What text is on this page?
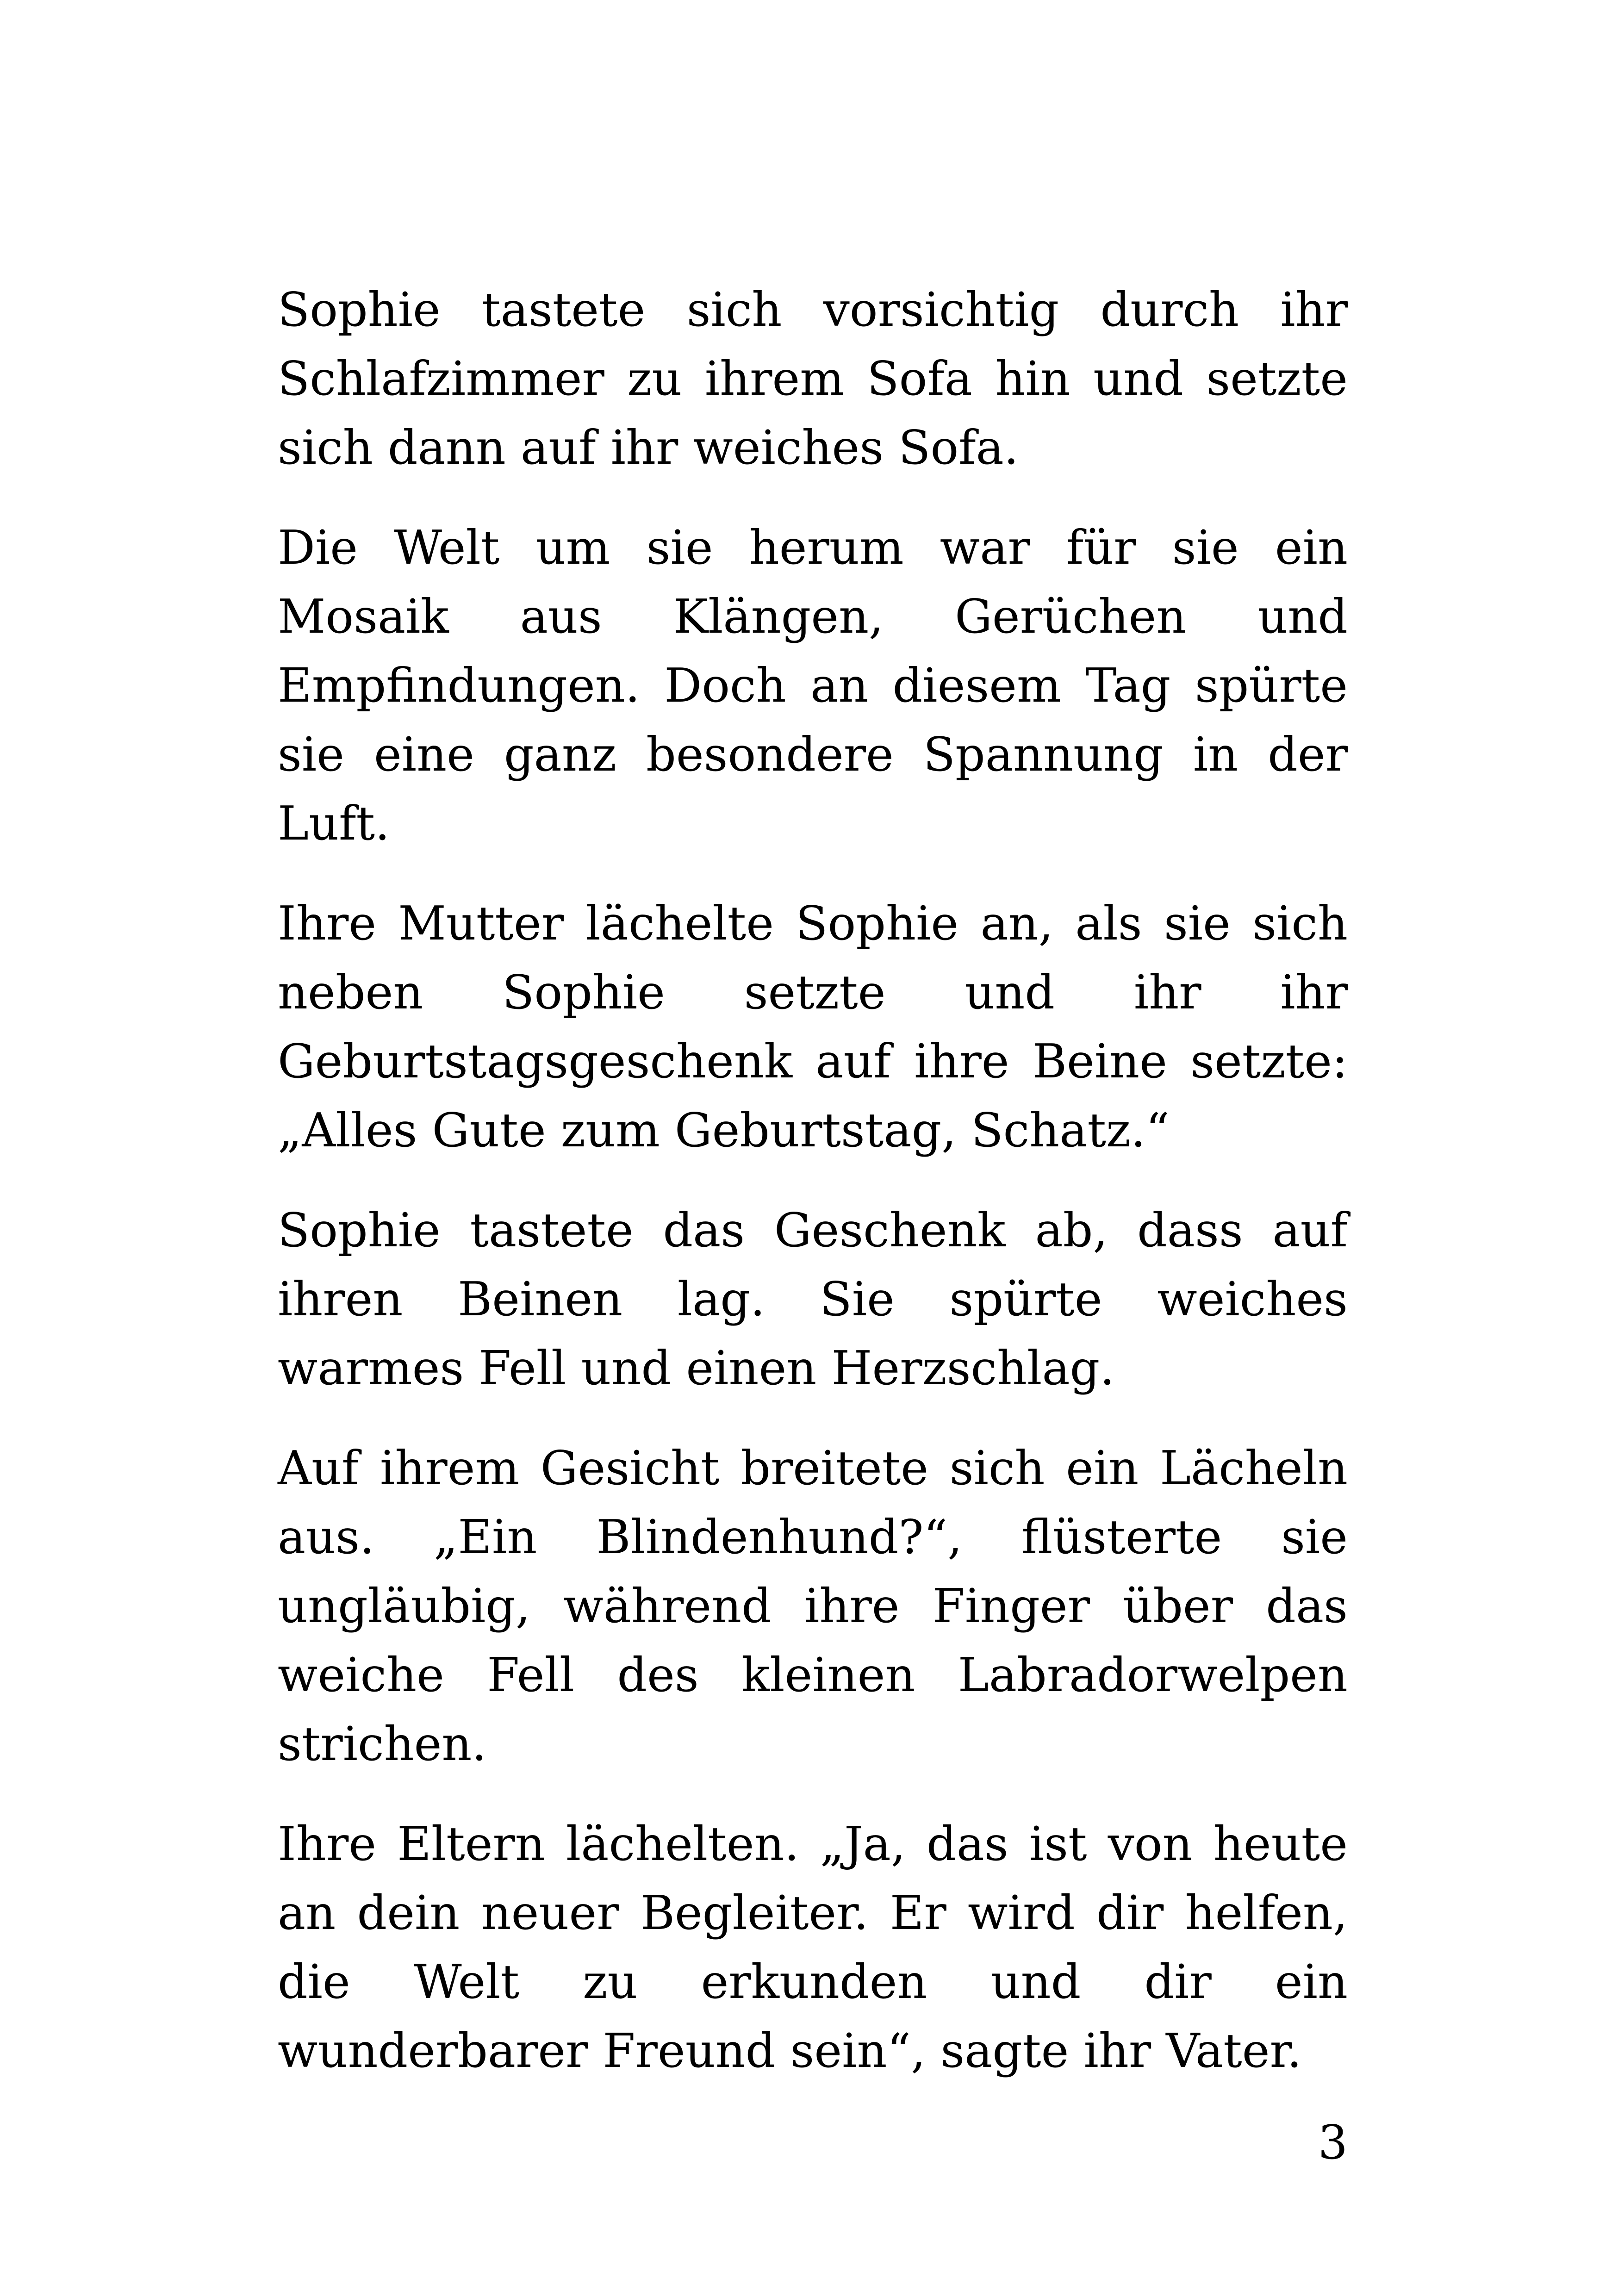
Sophie tastete sich vorsichtig durch ihr Schlafzimmer zu ihrem Sofa hin und setzte sich dann auf ihr weiches Sofa.

Die Welt um sie herum war für sie ein Mosaik aus Klängen, Gerüchen und Empfindungen. Doch an diesem Tag spürte sie eine ganz besondere Spannung in der Luft.

Ihre Mutter lächelte Sophie an, als sie sich neben Sophie setzte und ihr ihr Geburtstagsgeschenk auf ihre Beine setzte: „Alles Gute zum Geburtstag, Schatz.“

Sophie tastete das Geschenk ab, dass auf ihren Beinen lag. Sie spürte weiches warmes Fell und einen Herzschlag.

Auf ihrem Gesicht breitete sich ein Lächeln aus. „Ein Blindenhund?“, flüsterte sie ungläubig, während ihre Finger über das weiche Fell des kleinen Labradorwelpen strichen.

Ihre Eltern lächelten. „Ja, das ist von heute an dein neuer Begleiter. Er wird dir helfen, die Welt zu erkunden und dir ein wunderbarer Freund sein“, sagte ihr Vater.

3
